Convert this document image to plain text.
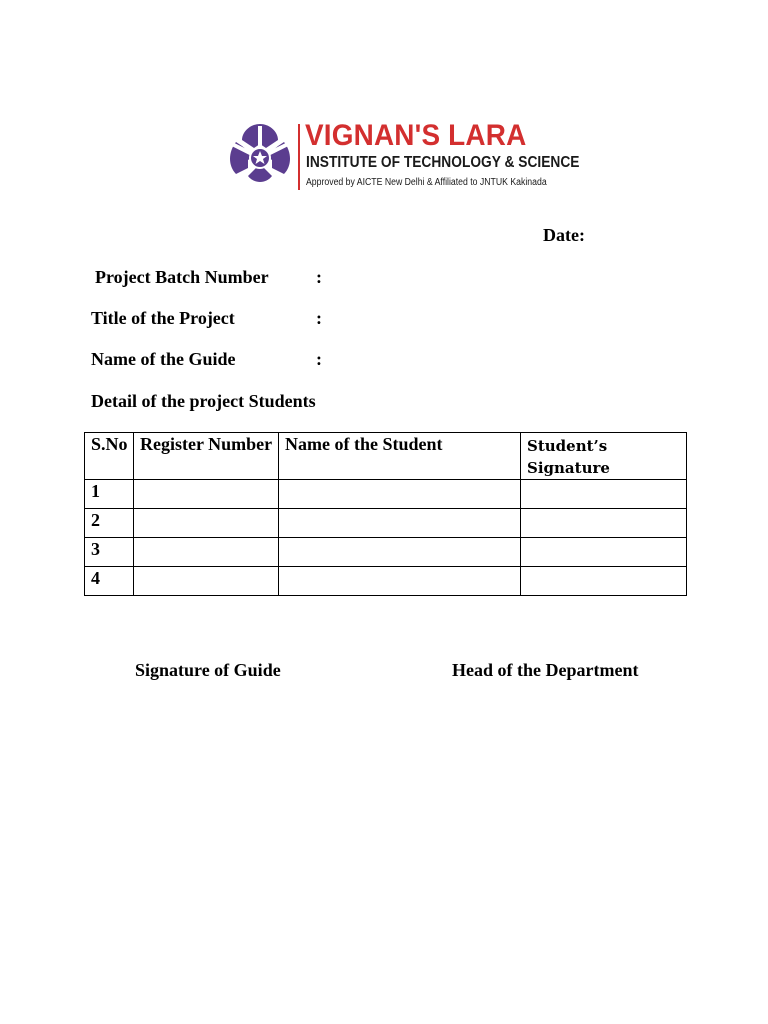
VIGNAN'S LARA
INSTITUTE OF TECHNOLOGY & SCIENCE
Approved by AICTE New Delhi & Affiliated to JNTUK Kakinada
Date:
Project Batch Number	:
Title of the Project	:
Name of the Guide	:
Detail of the project Students
S.No	Register Number	Name of the Student	Student’s Signature
1			
2			
3			
4			
Signature of Guide	Head of the Department
